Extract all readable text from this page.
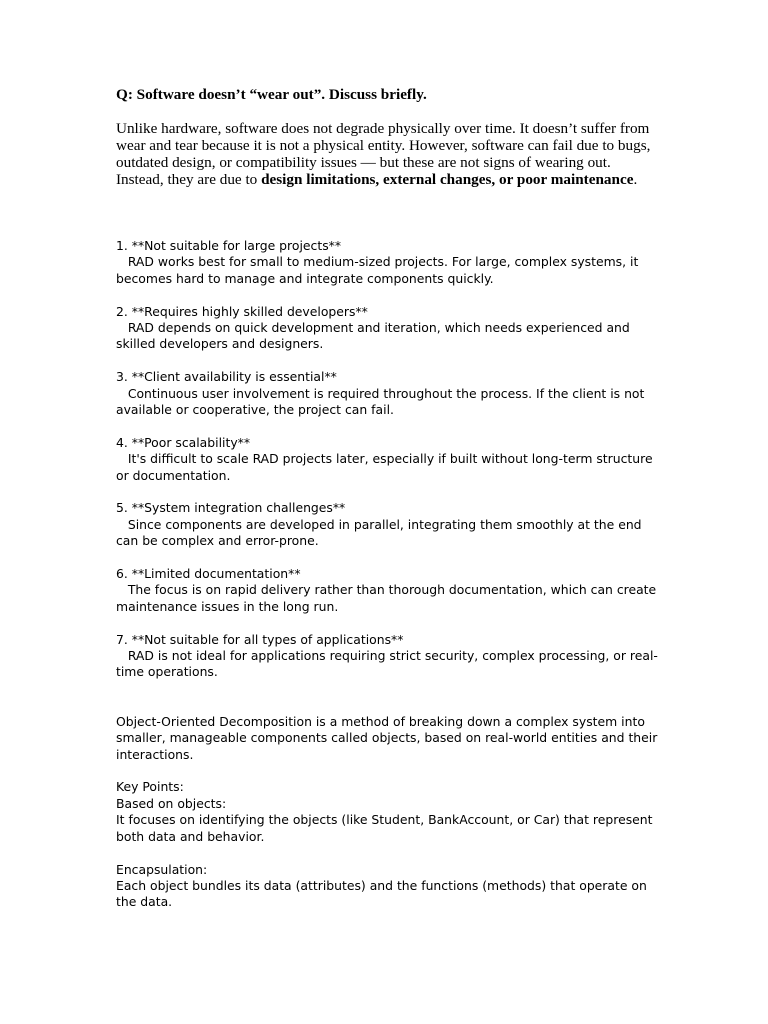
Q: Software doesn’t “wear out”. Discuss briefly.

Unlike hardware, software does not degrade physically over time. It doesn’t suffer from wear and tear because it is not a physical entity. However, software can fail due to bugs, outdated design, or compatibility issues — but these are not signs of wearing out. Instead, they are due to design limitations, external changes, or poor maintenance.

1. **Not suitable for large projects**

RAD works best for small to medium-sized projects. For large, complex systems, it becomes hard to manage and integrate components quickly.

2. **Requires highly skilled developers**

RAD depends on quick development and iteration, which needs experienced and skilled developers and designers.

3. **Client availability is essential**

Continuous user involvement is required throughout the process. If the client is not available or cooperative, the project can fail.

4. **Poor scalability**

It's difficult to scale RAD projects later, especially if built without long-term structure or documentation.

5. **System integration challenges**

Since components are developed in parallel, integrating them smoothly at the end can be complex and error-prone.

6. **Limited documentation**

The focus is on rapid delivery rather than thorough documentation, which can create maintenance issues in the long run.

7. **Not suitable for all types of applications**

RAD is not ideal for applications requiring strict security, complex processing, or real-time operations.

Object-Oriented Decomposition is a method of breaking down a complex system into smaller, manageable components called objects, based on real-world entities and their interactions.

Key Points:

Based on objects:

It focuses on identifying the objects (like Student, BankAccount, or Car) that represent both data and behavior.

Encapsulation:

Each object bundles its data (attributes) and the functions (methods) that operate on the data.
